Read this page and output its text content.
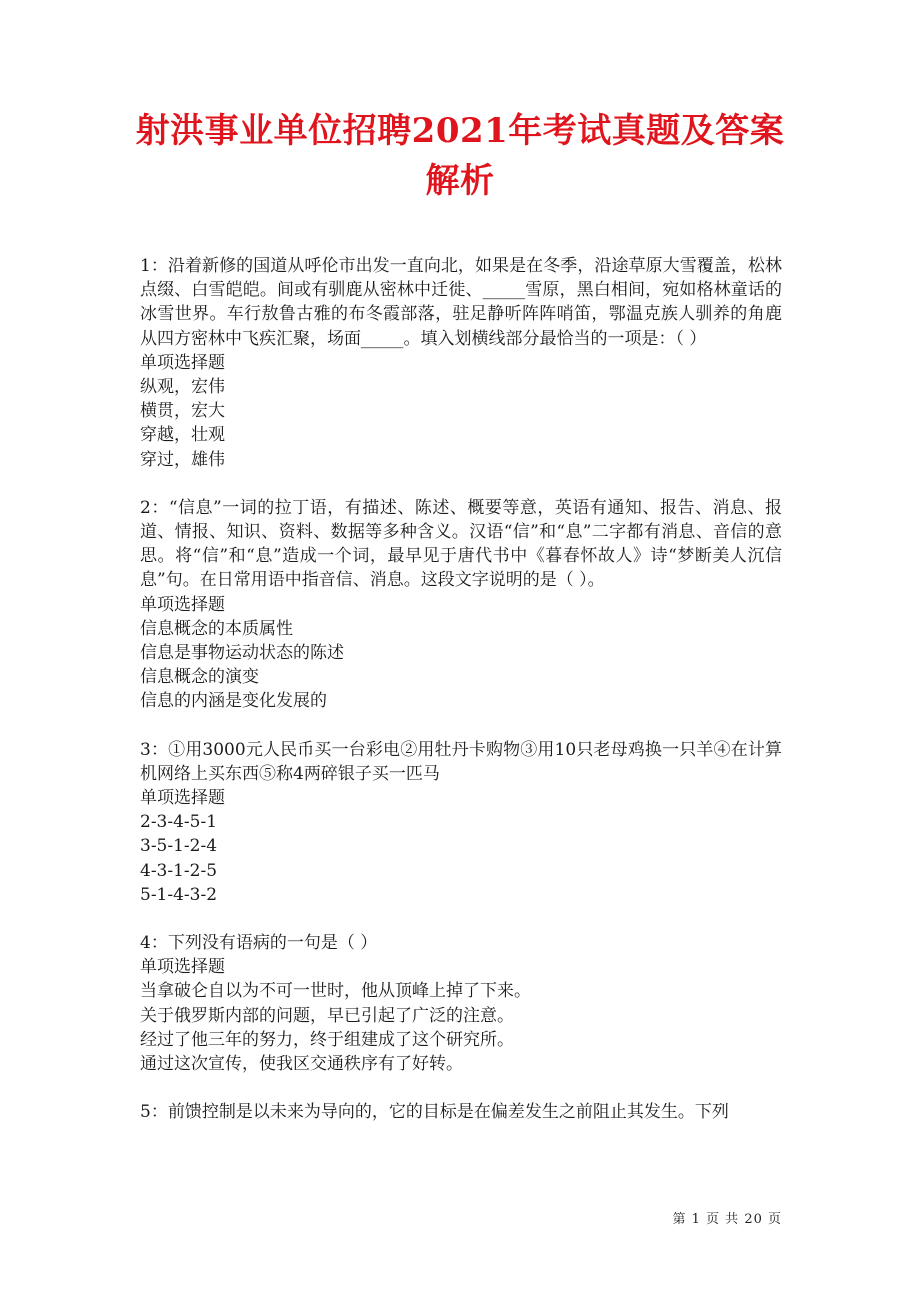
射洪事业单位招聘2021年考试真题及答案
解析
1：沿着新修的国道从呼伦市出发一直向北，如果是在冬季，沿途草原大雪覆盖，松林点缀、白雪皑皑。间或有驯鹿从密林中迁徙、_____雪原，黑白相间，宛如格林童话的冰雪世界。车行敖鲁古雅的布冬霞部落，驻足静听阵阵哨笛，鄂温克族人驯养的角鹿从四方密林中飞疾汇聚，场面_____。填入划横线部分最恰当的一项是：（ ）
单项选择题
纵观，宏伟
横贯，宏大
穿越，壮观
穿过，雄伟
2：“信息”一词的拉丁语，有描述、陈述、概要等意，英语有通知、报告、消息、报道、情报、知识、资料、数据等多种含义。汉语“信”和“息”二字都有消息、音信的意思。将“信”和“息”造成一个词，最早见于唐代书中《暮春怀故人》诗“梦断美人沉信息”句。在日常用语中指音信、消息。这段文字说明的是（ ）。
单项选择题
信息概念的本质属性
信息是事物运动状态的陈述
信息概念的演变
信息的内涵是变化发展的
3：①用3000元人民币买一台彩电②用牡丹卡购物③用10只老母鸡换一只羊④在计算机网络上买东西⑤称4两碎银子买一匹马
单项选择题
2-3-4-5-1
3-5-1-2-4
4-3-1-2-5
5-1-4-3-2
4：下列没有语病的一句是（ ）
单项选择题
当拿破仑自以为不可一世时，他从顶峰上掉了下来。
关于俄罗斯内部的问题，早已引起了广泛的注意。
经过了他三年的努力，终于组建成了这个研究所。
通过这次宣传，使我区交通秩序有了好转。
5：前馈控制是以未来为导向的，它的目标是在偏差发生之前阻止其发生。下列
第 1 页 共 20 页
